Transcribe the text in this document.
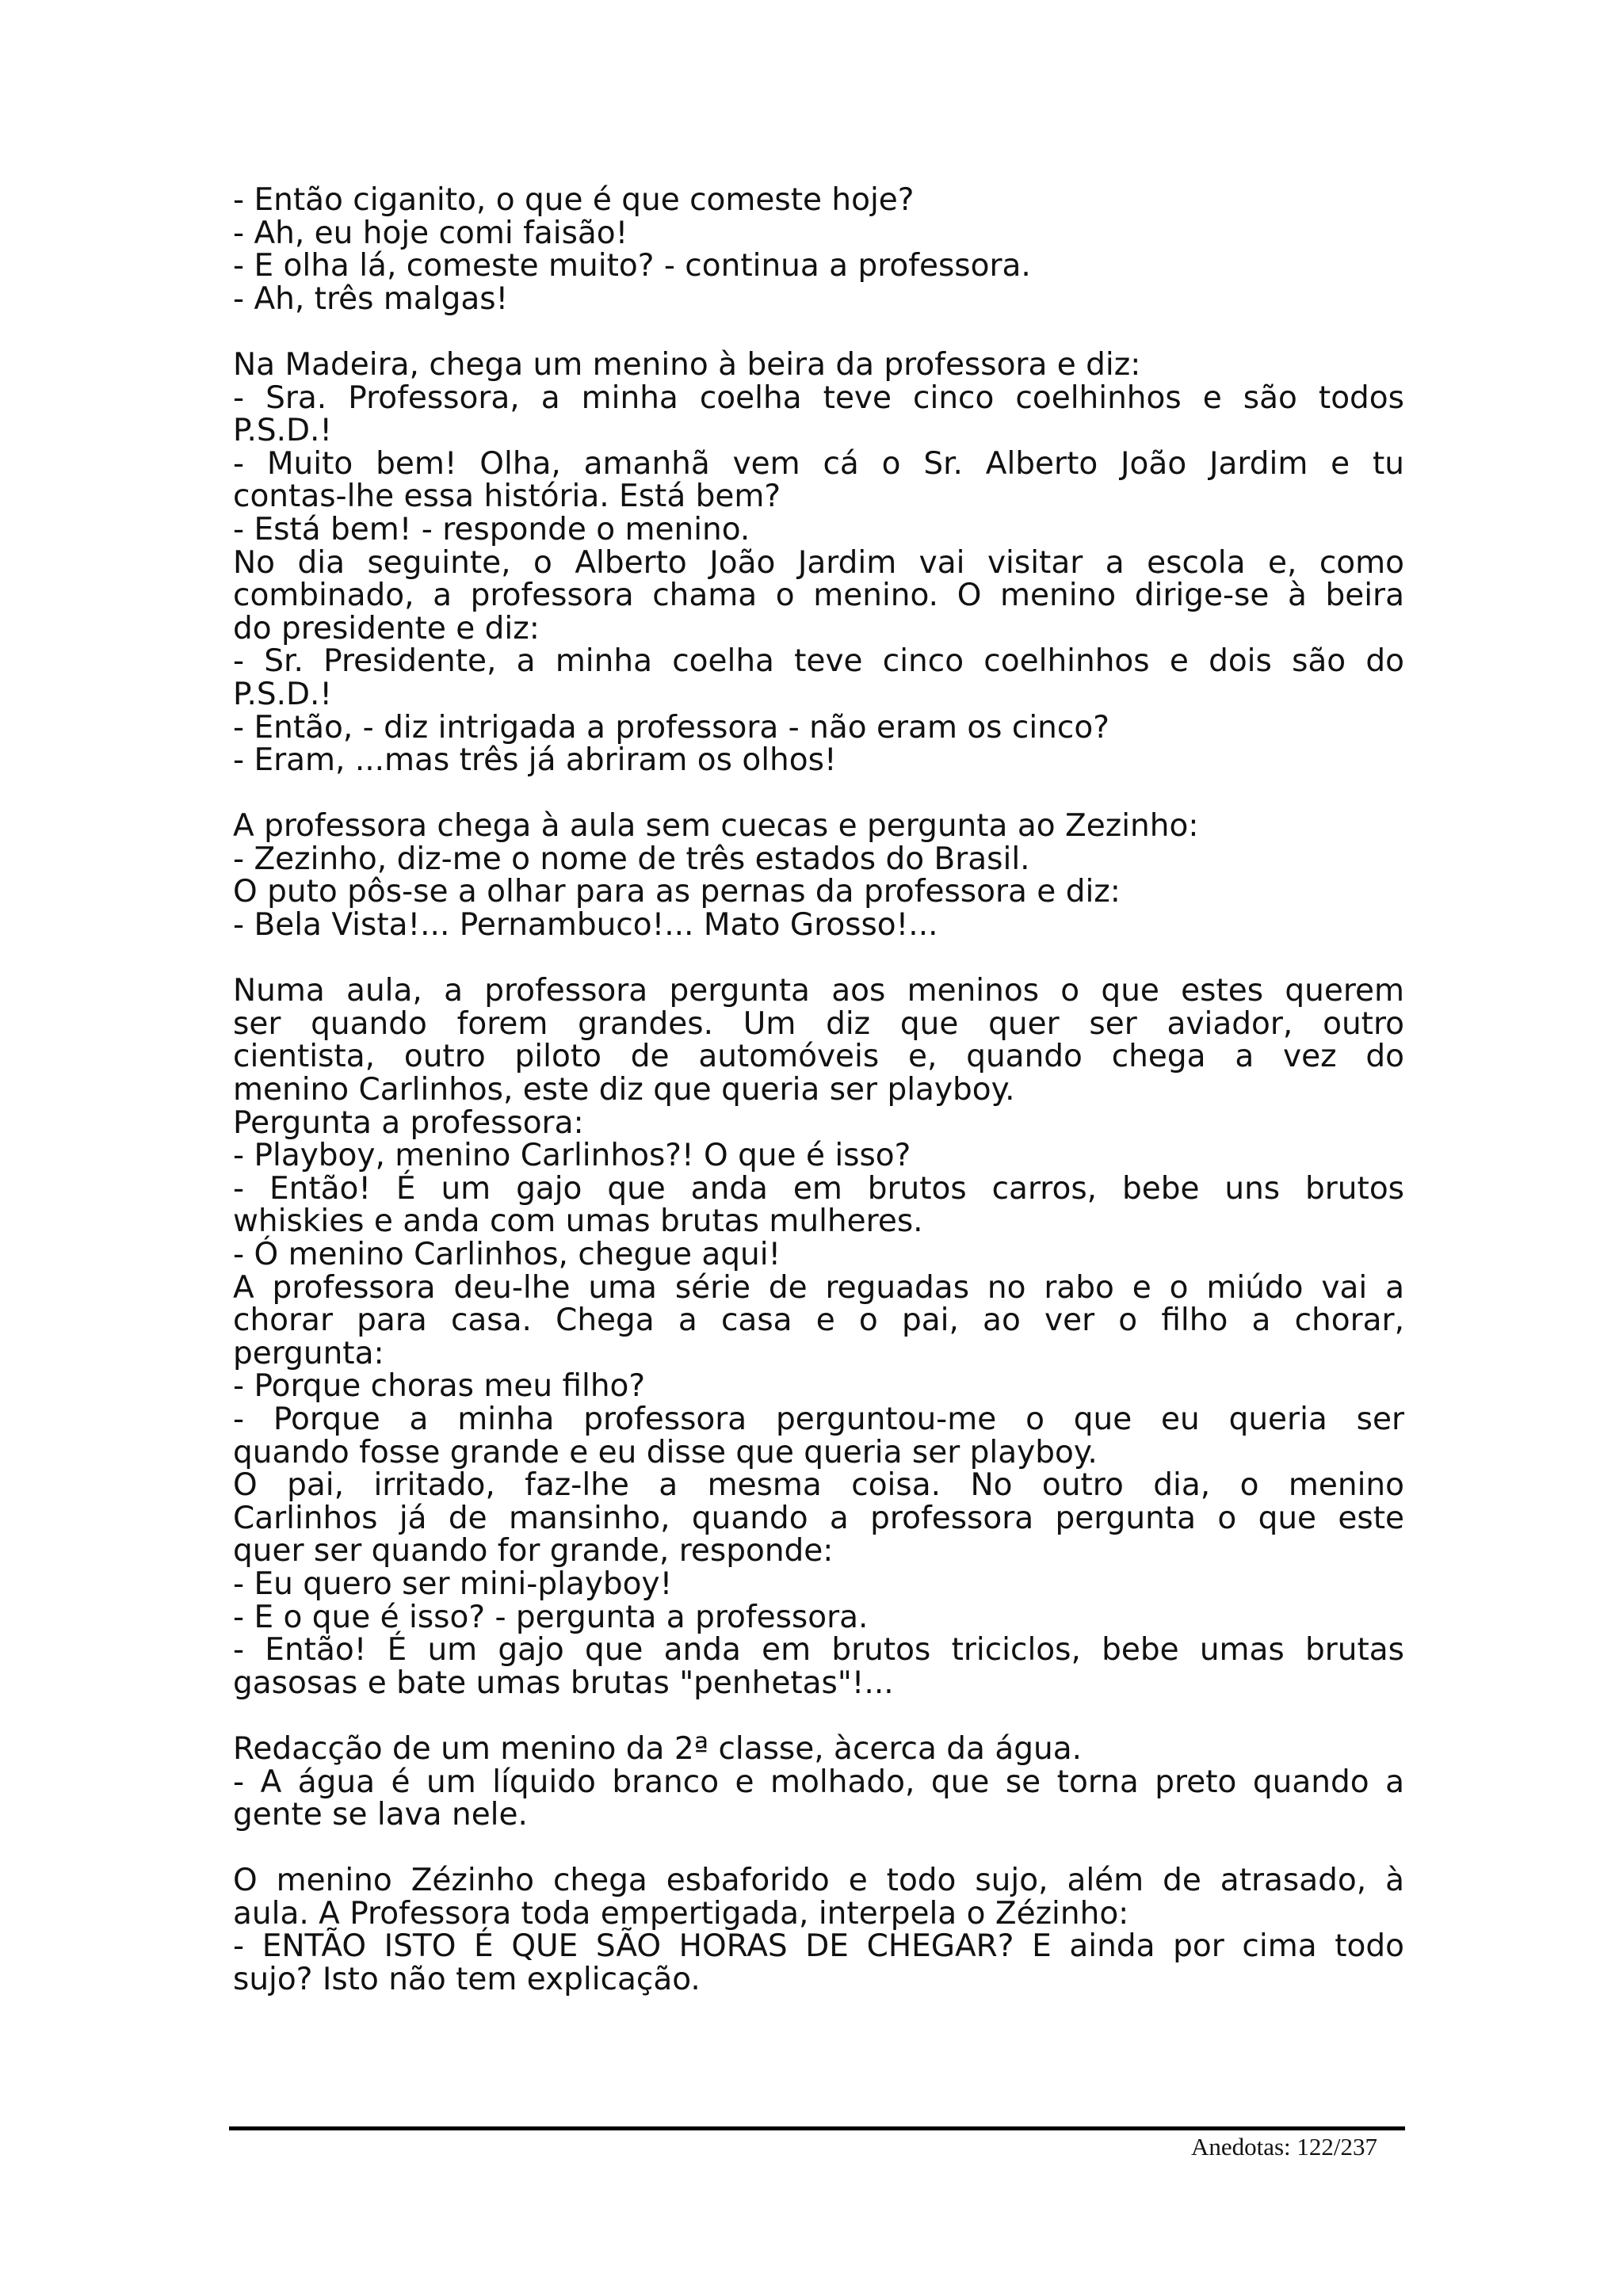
- Então ciganito, o que é que comeste hoje?
- Ah, eu hoje comi faisão!
- E olha lá, comeste muito? - continua a professora.
- Ah, três malgas!
Na Madeira, chega um menino à beira da professora e diz:
- Sra. Professora, a minha coelha teve cinco coelhinhos e são todos
P.S.D.!
- Muito bem! Olha, amanhã vem cá o Sr. Alberto João Jardim e tu
contas-lhe essa história. Está bem?
- Está bem! - responde o menino.
No dia seguinte, o Alberto João Jardim vai visitar a escola e, como
combinado, a professora chama o menino. O menino dirige-se à beira
do presidente e diz:
- Sr. Presidente, a minha coelha teve cinco coelhinhos e dois são do
P.S.D.!
- Então, - diz intrigada a professora - não eram os cinco?
- Eram, ...mas três já abriram os olhos!
A professora chega à aula sem cuecas e pergunta ao Zezinho:
- Zezinho, diz-me o nome de três estados do Brasil.
O puto pôs-se a olhar para as pernas da professora e diz:
- Bela Vista!... Pernambuco!... Mato Grosso!...
Numa aula, a professora pergunta aos meninos o que estes querem
ser quando forem grandes. Um diz que quer ser aviador, outro
cientista, outro piloto de automóveis e, quando chega a vez do
menino Carlinhos, este diz que queria ser playboy.
Pergunta a professora:
- Playboy, menino Carlinhos?! O que é isso?
- Então! É um gajo que anda em brutos carros, bebe uns brutos
whiskies e anda com umas brutas mulheres.
- Ó menino Carlinhos, chegue aqui!
A professora deu-lhe uma série de reguadas no rabo e o miúdo vai a
chorar para casa. Chega a casa e o pai, ao ver o filho a chorar,
pergunta:
- Porque choras meu filho?
- Porque a minha professora perguntou-me o que eu queria ser
quando fosse grande e eu disse que queria ser playboy.
O pai, irritado, faz-lhe a mesma coisa. No outro dia, o menino
Carlinhos já de mansinho, quando a professora pergunta o que este
quer ser quando for grande, responde:
- Eu quero ser mini-playboy!
- E o que é isso? - pergunta a professora.
- Então! É um gajo que anda em brutos triciclos, bebe umas brutas
gasosas e bate umas brutas "penhetas"!...
Redacção de um menino da 2ª classe, àcerca da água.
- A água é um líquido branco e molhado, que se torna preto quando a
gente se lava nele.
O menino Zézinho chega esbaforido e todo sujo, além de atrasado, à
aula. A Professora toda empertigada, interpela o Zézinho:
- ENTÃO ISTO É QUE SÃO HORAS DE CHEGAR? E ainda por cima todo
sujo? Isto não tem explicação.
Anedotas: 122/237
